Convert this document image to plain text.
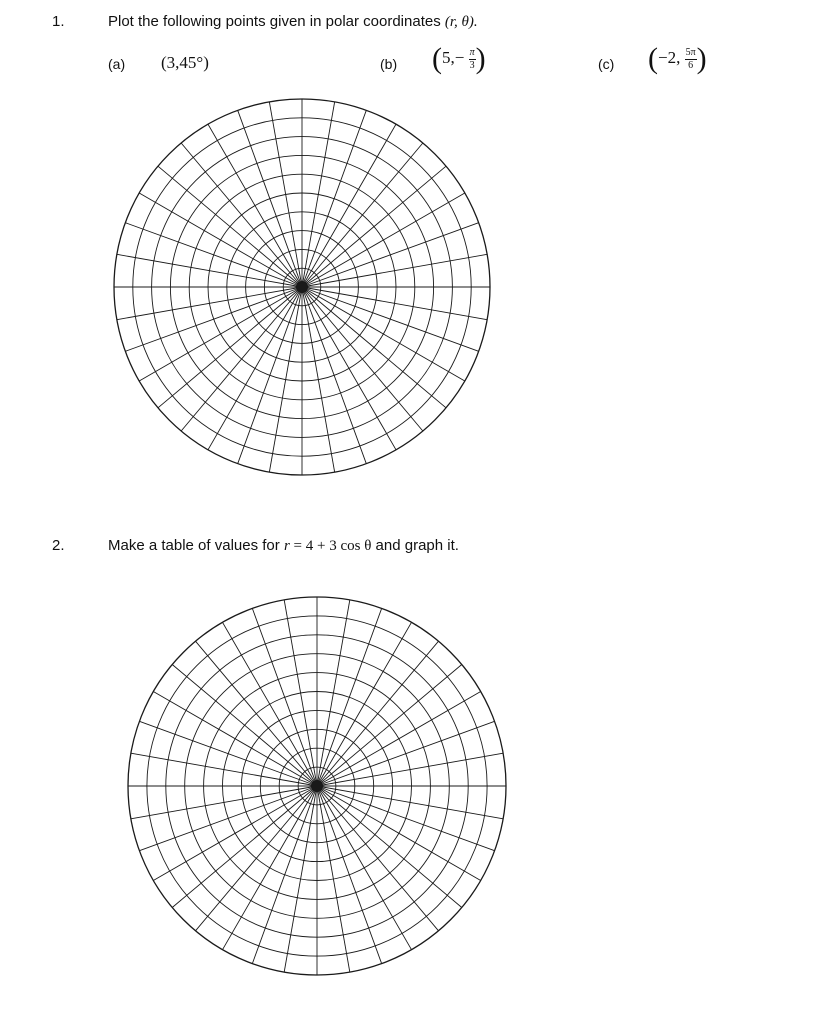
1.	Plot the following points given in polar coordinates (r, θ).
(a) (3,45°)	(b) ($5,- \frac{\pi}{3}$ )	(c) (−2, $\frac{5\pi}{6}$ )
2.	Make a table of values for r = 4 + 3 cos θ and graph it.
